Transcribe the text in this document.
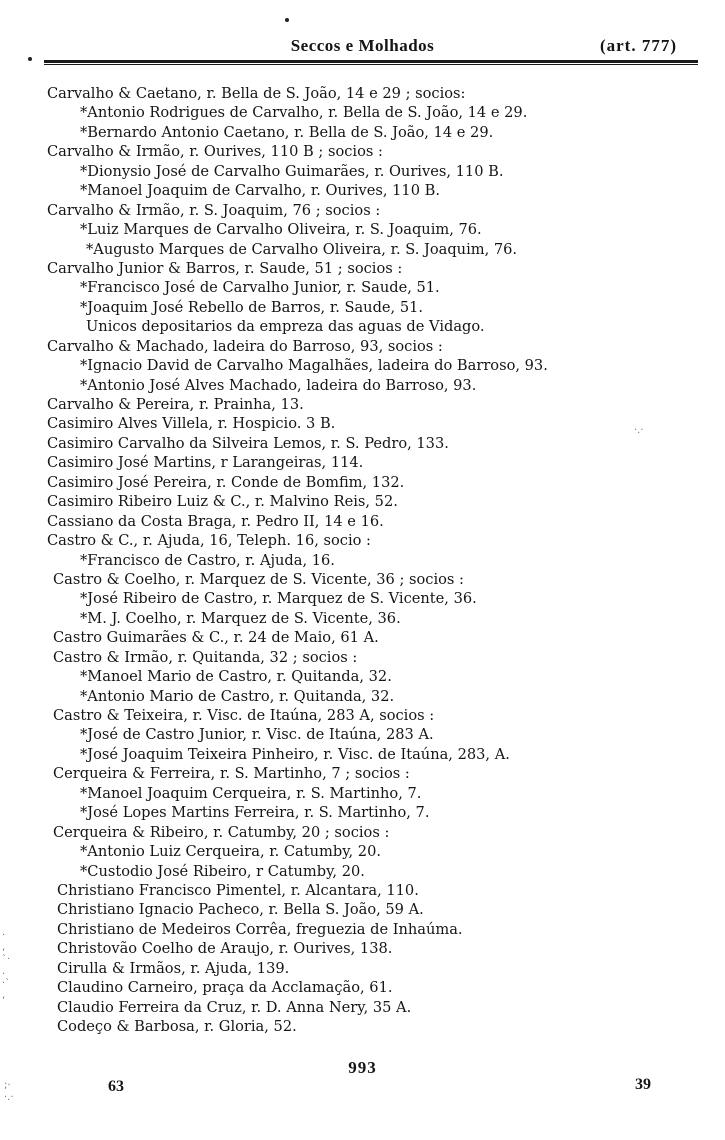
Seccos e Molhados	(art. 777)
Carvalho & Caetano, r. Bella de S. João, 14 e 29 ; socios:
*Antonio Rodrigues de Carvalho, r. Bella de S. João, 14 e 29.
*Bernardo Antonio Caetano, r. Bella de S. João, 14 e 29.
Carvalho & Irmão, r. Ourives, 110 B ; socios :
*Dionysio José de Carvalho Guimarães, r. Ourives, 110 B.
*Manoel Joaquim de Carvalho, r. Ourives, 110 B.
Carvalho & Irmão, r. S. Joaquim, 76 ; socios :
*Luiz Marques de Carvalho Oliveira, r. S. Joaquim, 76.
*Augusto Marques de Carvalho Oliveira, r. S. Joaquim, 76.
Carvalho Junior & Barros, r. Saude, 51 ; socios :
*Francisco José de Carvalho Junior, r. Saude, 51.
*Joaquim José Rebello de Barros, r. Saude, 51.
Unicos depositarios da empreza das aguas de Vidago.
Carvalho & Machado, ladeira do Barroso, 93, socios :
*Ignacio David de Carvalho Magalhães, ladeira do Barroso, 93.
*Antonio José Alves Machado, ladeira do Barroso, 93.
Carvalho & Pereira, r. Prainha, 13.
Casimiro Alves Villela, r. Hospicio. 3 B.
Casimiro Carvalho da Silveira Lemos, r. S. Pedro, 133.
Casimiro José Martins, r Larangeiras, 114.
Casimiro José Pereira, r. Conde de Bomfim, 132.
Casimiro Ribeiro Luiz & C., r. Malvino Reis, 52.
Cassiano da Costa Braga, r. Pedro II, 14 e 16.
Castro & C., r. Ajuda, 16, Teleph. 16, socio :
*Francisco de Castro, r. Ajuda, 16.
Castro & Coelho, r. Marquez de S. Vicente, 36 ; socios :
*José Ribeiro de Castro, r. Marquez de S. Vicente, 36.
*M. J. Coelho, r. Marquez de S. Vicente, 36.
Castro Guimarães & C., r. 24 de Maio, 61 A.
Castro & Irmão, r. Quitanda, 32 ; socios :
*Manoel Mario de Castro, r. Quitanda, 32.
*Antonio Mario de Castro, r. Quitanda, 32.
Castro & Teixeira, r. Visc. de Itaúna, 283 A, socios :
*José de Castro Junior, r. Visc. de Itaúna, 283 A.
*José Joaquim Teixeira Pinheiro, r. Visc. de Itaúna, 283, A.
Cerqueira & Ferreira, r. S. Martinho, 7 ; socios :
*Manoel Joaquim Cerqueira, r. S. Martinho, 7.
*José Lopes Martins Ferreira, r. S. Martinho, 7.
Cerqueira & Ribeiro, r. Catumby, 20 ; socios :
*Antonio Luiz Cerqueira, r. Catumby, 20.
*Custodio José Ribeiro, r Catumby, 20.
Christiano Francisco Pimentel, r. Alcantara, 110.
Christiano Ignacio Pacheco, r. Bella S. João, 59 A.
Christiano de Medeiros Corrêa, freguezia de Inhaúma.
Christovão Coelho de Araujo, r. Ourives, 138.
Cirulla & Irmãos, r. Ajuda, 139.
Claudino Carneiro, praça da Acclamação, 61.
Claudio Ferreira da Cruz, r. D. Anna Nery, 35 A.
Codeço & Barbosa, r. Gloria, 52.
993
63	39
·
,
`·
.
·`
,
;·
·.·
·.·
